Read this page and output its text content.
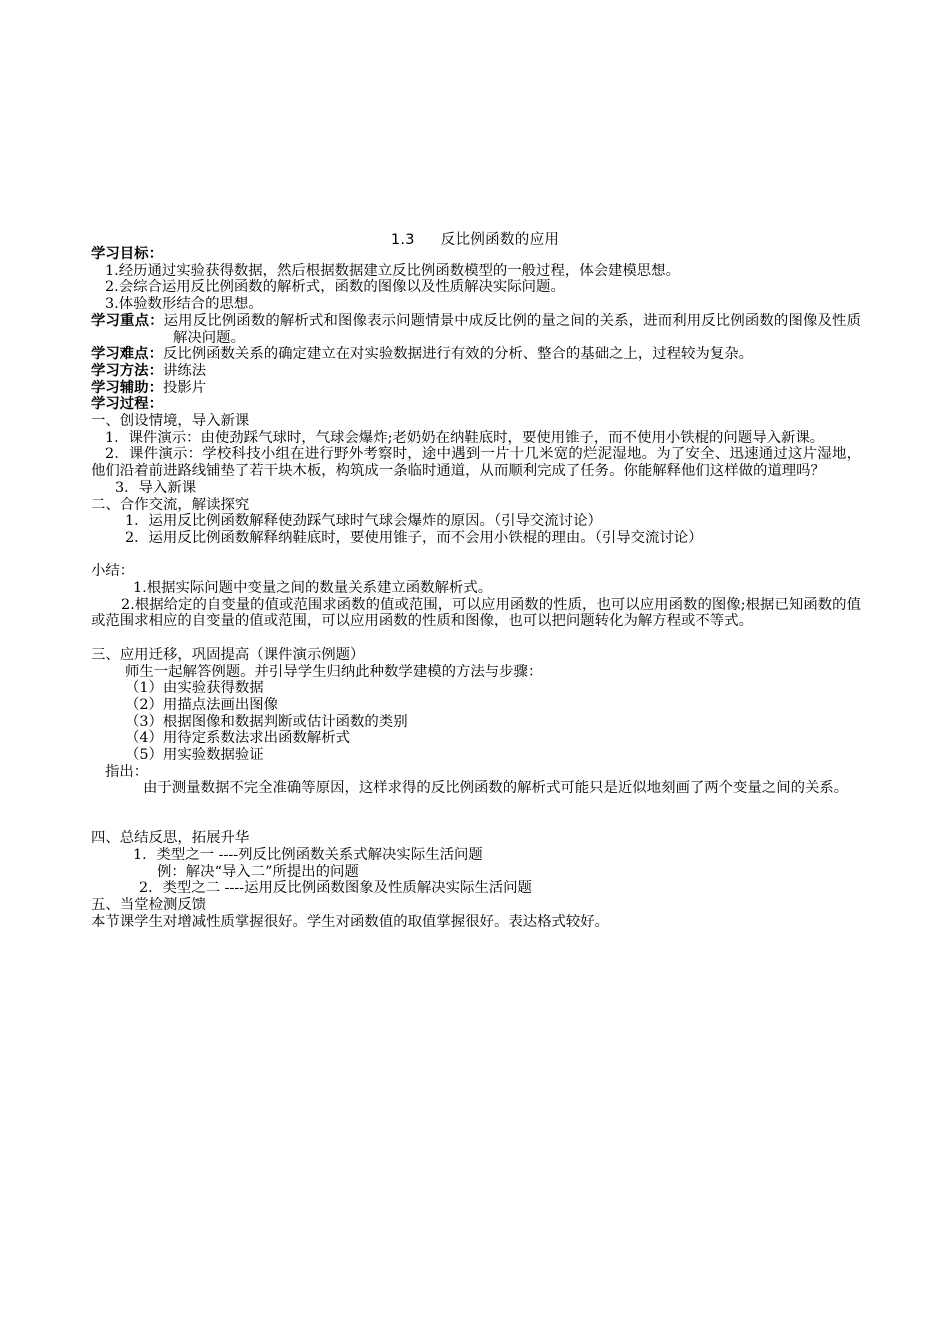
1.3 反比例函数的应用
学习目标：
1.经历通过实验获得数据，然后根据数据建立反比例函数模型的一般过程，体会建模思想。
2.会综合运用反比例函数的解析式，函数的图像以及性质解决实际问题。
3.体验数形结合的思想。
学习重点：运用反比例函数的解析式和图像表示问题情景中成反比例的量之间的关系，进而利用反比例函数的图像及性质解决问题。
学习难点：反比例函数关系的确定建立在对实验数据进行有效的分析、整合的基础之上，过程较为复杂。
学习方法：讲练法
学习辅助：投影片
学习过程：
一、创设情境，导入新课
1．课件演示：由使劲踩气球时，气球会爆炸;老奶奶在纳鞋底时，要使用锥子，而不使用小铁棍的问题导入新课。
2．课件演示：学校科技小组在进行野外考察时，途中遇到一片十几米宽的烂泥湿地。为了安全、迅速通过这片湿地，他们沿着前进路线铺垫了若干块木板，构筑成一条临时通道，从而顺利完成了任务。你能解释他们这样做的道理吗？
3．导入新课
二、合作交流，解读探究
1．运用反比例函数解释使劲踩气球时气球会爆炸的原因。（引导交流讨论）
2．运用反比例函数解释纳鞋底时，要使用锥子，而不会用小铁棍的理由。（引导交流讨论）
小结：
1.根据实际问题中变量之间的数量关系建立函数解析式。
2.根据给定的自变量的值或范围求函数的值或范围，可以应用函数的性质，也可以应用函数的图像;根据已知函数的值或范围求相应的自变量的值或范围，可以应用函数的性质和图像，也可以把问题转化为解方程或不等式。
三、应用迁移，巩固提高（课件演示例题）
师生一起解答例题。并引导学生归纳此种数学建模的方法与步骤：
（1）由实验获得数据
（2）用描点法画出图像
（3）根据图像和数据判断或估计函数的类别
（4）用待定系数法求出函数解析式
（5）用实验数据验证
指出：
由于测量数据不完全准确等原因，这样求得的反比例函数的解析式可能只是近似地刻画了两个变量之间的关系。
四、总结反思，拓展升华
1．类型之一 ----列反比例函数关系式解决实际生活问题
例：解决“导入二”所提出的问题
2．类型之二 ----运用反比例函数图象及性质解决实际生活问题
五、当堂检测反馈
本节课学生对增减性质掌握很好。学生对函数值的取值掌握很好。表达格式较好。
